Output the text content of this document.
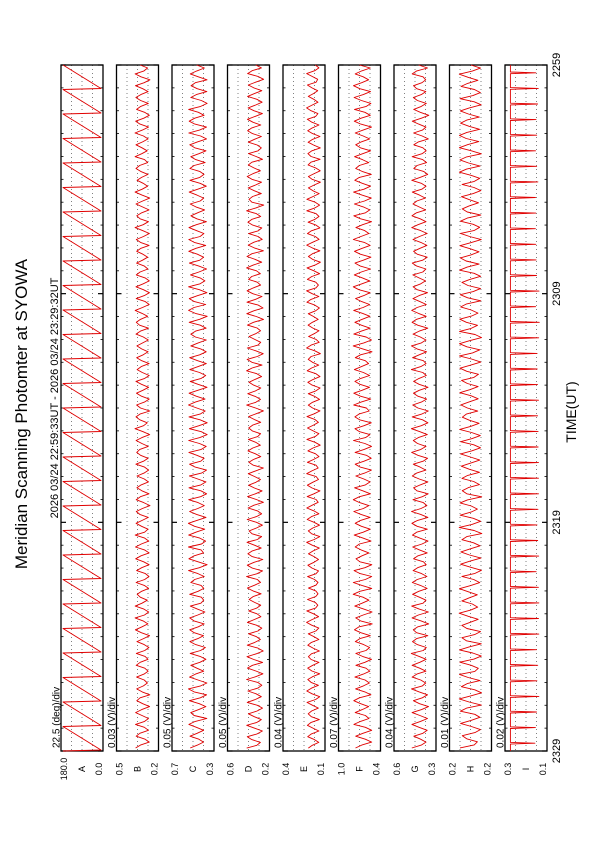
Meridian Scanning Photomter at SYOWA 2026 03/24 22:59:33UT - 2026 03/24 23:29:32UT	TIME(UT)
22.5 (deg)/div
180.0	0.0
A
0.03 (V)/div
0.5	0.2
B
0.05 (V)/div
0.7	0.3
C
0.05 (V)/div
0.6	0.2
D
0.04 (V)/div
0.4	0.1
E
0.07 (V)/div
1.0	0.4
F
0.04 (V)/div
0.6	0.3
G
0.01 (V)/div
0.2	0.2
H
0.02 (V)/div
0.3	0.1
I
2259
2309
2319
2329
